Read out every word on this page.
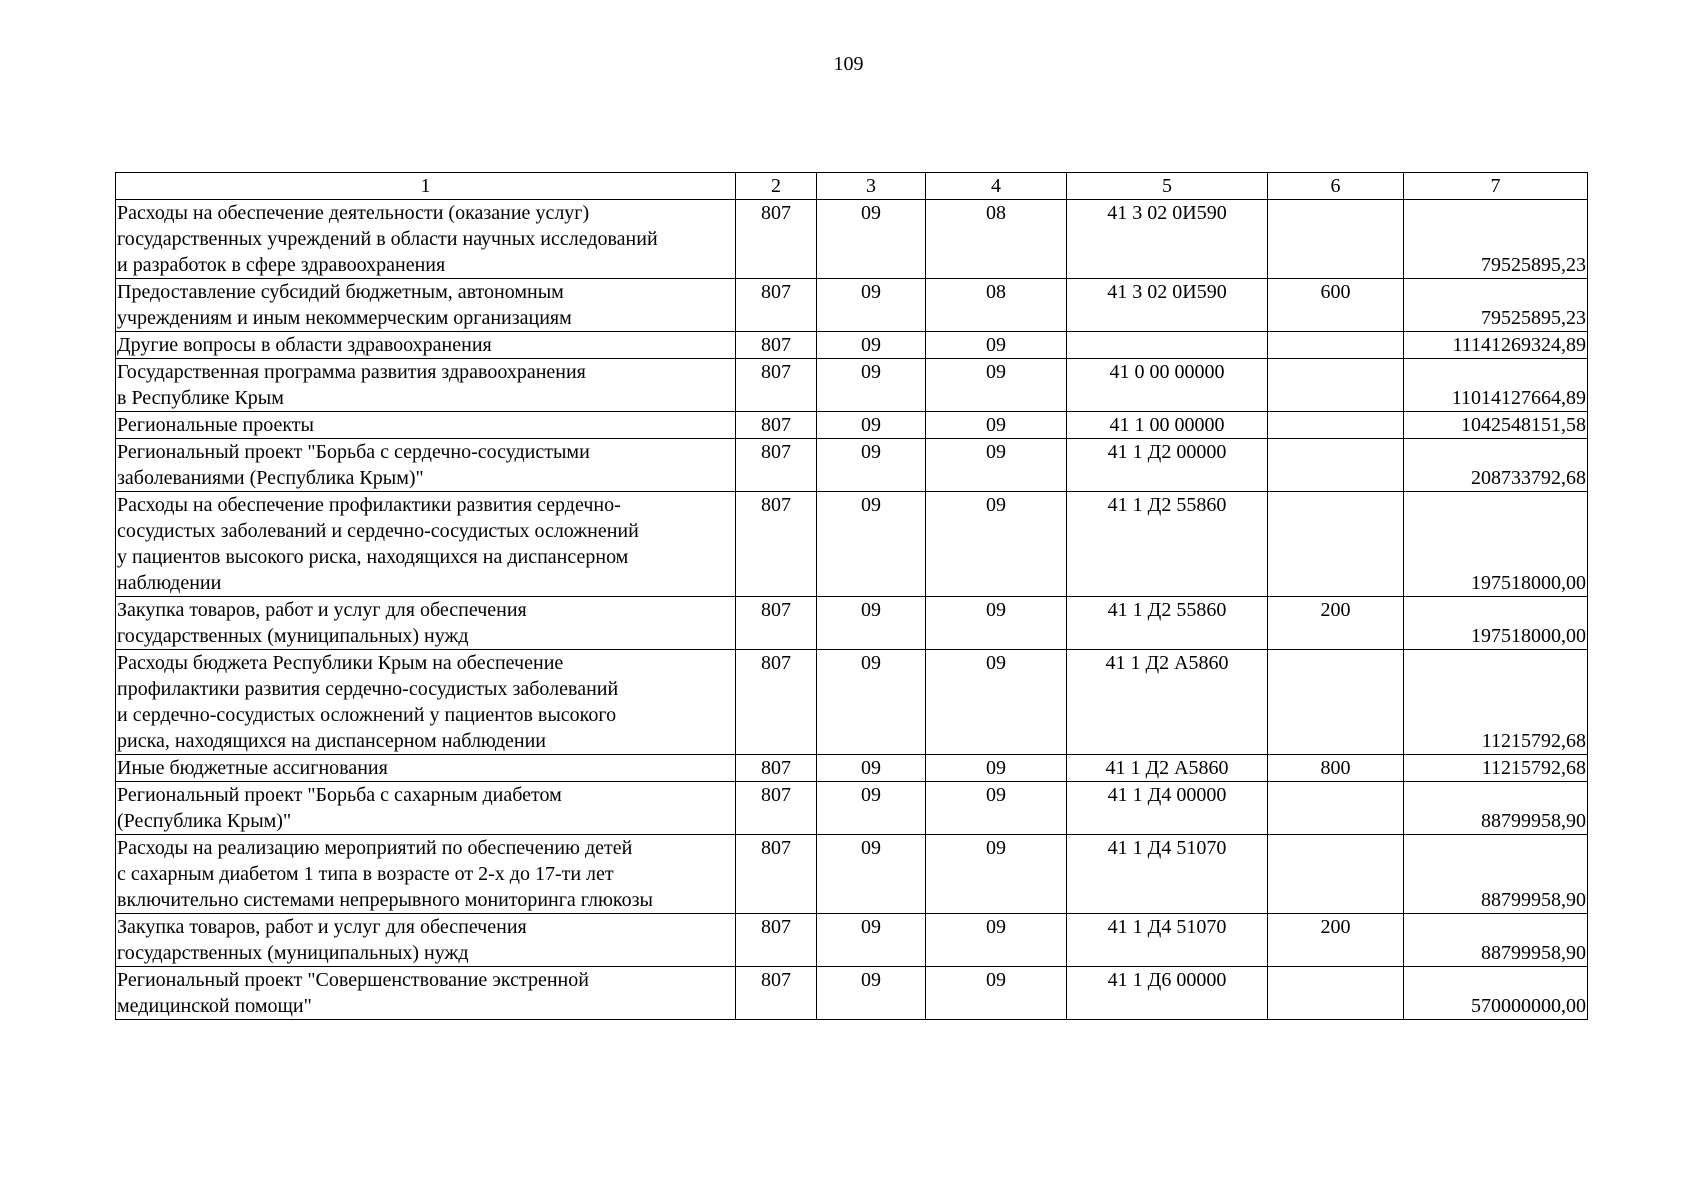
109
1	2	3	4	5	6	7
Расходы на обеспечение деятельности (оказание услуг)
государственных учреждений в области научных исследований
и разработок в сфере здравоохранения	807	09	08	41 3 02 0И590		79525895,23
Предоставление субсидий бюджетным, автономным
учреждениям и иным некоммерческим организациям	807	09	08	41 3 02 0И590	600	79525895,23
Другие вопросы в области здравоохранения	807	09	09			11141269324,89
Государственная программа развития здравоохранения
в Республике Крым	807	09	09	41 0 00 00000		11014127664,89
Региональные проекты	807	09	09	41 1 00 00000		1042548151,58
Региональный проект "Борьба с сердечно-сосудистыми
заболеваниями (Республика Крым)"	807	09	09	41 1 Д2 00000		208733792,68
Расходы на обеспечение профилактики развития сердечно-
сосудистых заболеваний и сердечно-сосудистых осложнений
у пациентов высокого риска, находящихся на диспансерном
наблюдении	807	09	09	41 1 Д2 55860		197518000,00
Закупка товаров, работ и услуг для обеспечения
государственных (муниципальных) нужд	807	09	09	41 1 Д2 55860	200	197518000,00
Расходы бюджета Республики Крым на обеспечение
профилактики развития сердечно-сосудистых заболеваний
и сердечно-сосудистых осложнений у пациентов высокого
риска, находящихся на диспансерном наблюдении	807	09	09	41 1 Д2 А5860		11215792,68
Иные бюджетные ассигнования	807	09	09	41 1 Д2 А5860	800	11215792,68
Региональный проект "Борьба с сахарным диабетом
(Республика Крым)"	807	09	09	41 1 Д4 00000		88799958,90
Расходы на реализацию мероприятий по обеспечению детей
с сахарным диабетом 1 типа в возрасте от 2-х до 17-ти лет
включительно системами непрерывного мониторинга глюкозы	807	09	09	41 1 Д4 51070		88799958,90
Закупка товаров, работ и услуг для обеспечения
государственных (муниципальных) нужд	807	09	09	41 1 Д4 51070	200	88799958,90
Региональный проект "Совершенствование экстренной
медицинской помощи"	807	09	09	41 1 Д6 00000		570000000,00
